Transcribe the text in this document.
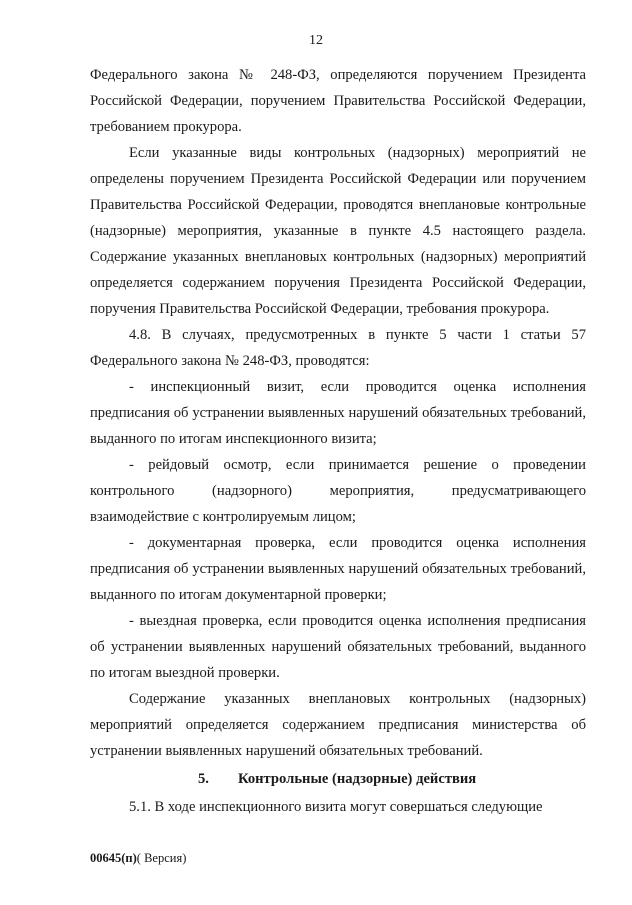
12

Федерального закона № 248-ФЗ, определяются поручением Президента Российской Федерации, поручением Правительства Российской Федерации, требованием прокурора.

Если указанные виды контрольных (надзорных) мероприятий не определены поручением Президента Российской Федерации или поручением Правительства Российской Федерации, проводятся внеплановые контрольные (надзорные) мероприятия, указанные в пункте 4.5 настоящего раздела. Содержание указанных внеплановых контрольных (надзорных) мероприятий определяется содержанием поручения Президента Российской Федерации, поручения Правительства Российской Федерации, требования прокурора.

4.8. В случаях, предусмотренных в пункте 5 части 1 статьи 57 Федерального закона № 248-ФЗ, проводятся:

- инспекционный визит, если проводится оценка исполнения предписания об устранении выявленных нарушений обязательных требований, выданного по итогам инспекционного визита;

- рейдовый осмотр, если принимается решение о проведении контрольного (надзорного) мероприятия, предусматривающего взаимодействие с контролируемым лицом;

- документарная проверка, если проводится оценка исполнения предписания об устранении выявленных нарушений обязательных требований, выданного по итогам документарной проверки;

- выездная проверка, если проводится оценка исполнения предписания об устранении выявленных нарушений обязательных требований, выданного по итогам выездной проверки.

Содержание указанных внеплановых контрольных (надзорных) мероприятий определяется содержанием предписания министерства об устранении выявленных нарушений обязательных требований.

5. Контрольные (надзорные) действия

5.1. В ходе инспекционного визита могут совершаться следующие

00645(п)( Версия)
